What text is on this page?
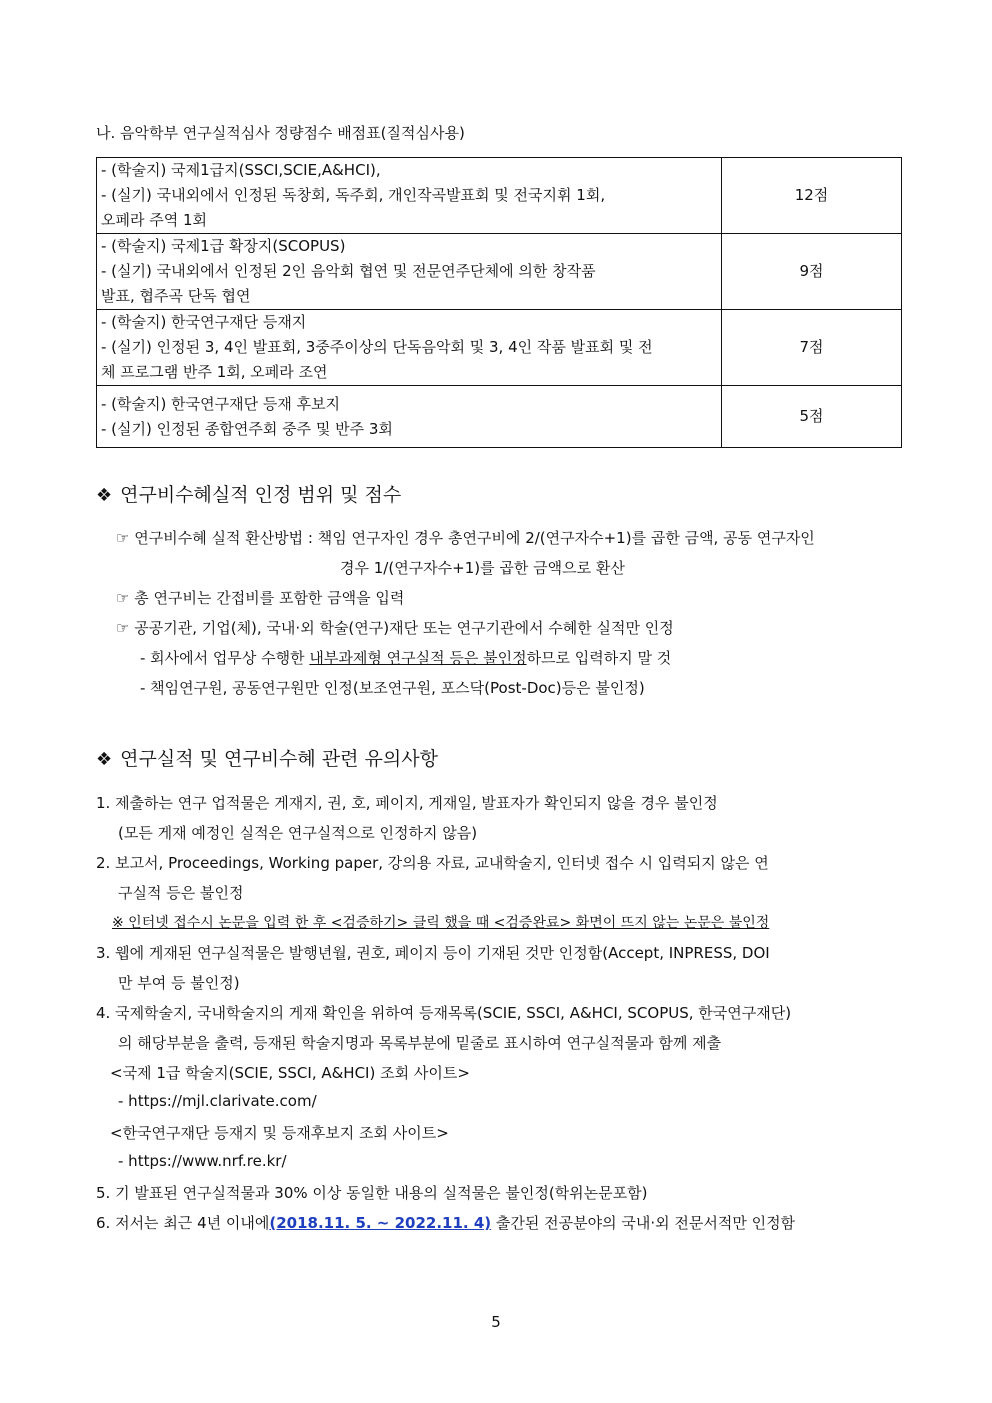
나. 음악학부 연구실적심사 정량점수 배점표(질적심사용)
- (학술지) 국제1급지(SSCI,SCIE,A&HCI),
- (실기) 국내외에서 인정된 독창회, 독주회, 개인작곡발표회 및 전국지휘 1회,
오페라 주역 1회	12점

- (학술지) 국제1급 확장지(SCOPUS)
- (실기) 국내외에서 인정된 2인 음악회 협연 및 전문연주단체에 의한 창작품
발표, 협주곡 단독 협연	9점

- (학술지) 한국연구재단 등재지
- (실기) 인정된 3, 4인 발표회, 3중주이상의 단독음악회 및 3, 4인 작품 발표회 및 전
체 프로그램 반주 1회, 오페라 조연	7점

- (학술지) 한국연구재단 등재 후보지
- (실기) 인정된 종합연주회 중주 및 반주 3회	5점
❖ 연구비수혜실적 인정 범위 및 점수
☞ 연구비수혜 실적 환산방법 : 책임 연구자인 경우 총연구비에 2/(연구자수+1)를 곱한 금액, 공동 연구자인
경우 1/(연구자수+1)를 곱한 금액으로 환산
☞ 총 연구비는 간접비를 포함한 금액을 입력
☞ 공공기관, 기업(체), 국내·외 학술(연구)재단 또는 연구기관에서 수혜한 실적만 인정
- 회사에서 업무상 수행한 내부과제형 연구실적 등은 불인정하므로 입력하지 말 것
- 책임연구원, 공동연구원만 인정(보조연구원, 포스닥(Post-Doc)등은 불인정)
❖ 연구실적 및 연구비수혜 관련 유의사항
1. 제출하는 연구 업적물은 게재지, 권, 호, 페이지, 게재일, 발표자가 확인되지 않을 경우 불인정
(모든 게재 예정인 실적은 연구실적으로 인정하지 않음)
2. 보고서, Proceedings, Working paper, 강의용 자료, 교내학술지, 인터넷 접수 시 입력되지 않은 연
구실적 등은 불인정
※ 인터넷 접수시 논문을 입력 한 후 <검증하기> 클릭 했을 때 <검증완료> 화면이 뜨지 않는 논문은 불인정
3. 웹에 게재된 연구실적물은 발행년월, 권호, 페이지 등이 기재된 것만 인정함(Accept, INPRESS, DOI
만 부여 등 불인정)
4. 국제학술지, 국내학술지의 게재 확인을 위하여 등재목록(SCIE, SSCI, A&HCI, SCOPUS, 한국연구재단)
의 해당부분을 출력, 등재된 학술지명과 목록부분에 밑줄로 표시하여 연구실적물과 함께 제출
<국제 1급 학술지(SCIE, SSCI, A&HCI) 조회 사이트>
- https://mjl.clarivate.com/
<한국연구재단 등재지 및 등재후보지 조회 사이트>
- https://www.nrf.re.kr/
5. 기 발표된 연구실적물과 30% 이상 동일한 내용의 실적물은 불인정(학위논문포함)
6. 저서는 최근 4년 이내에(2018.11. 5. ~ 2022.11. 4) 출간된 전공분야의 국내·외 전문서적만 인정함
5
